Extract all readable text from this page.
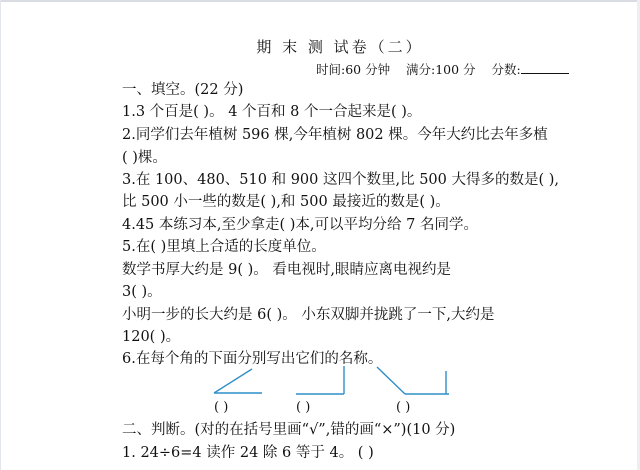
期 末 测 试卷（二）
时间:60 分钟 满分:100 分 分数:
一、填空。(22 分)
1.3 个百是( )。 4 个百和 8 个一合起来是( )。
2.同学们去年植树 596 棵,今年植树 802 棵。今年大约比去年多植
( )棵。
3.在 100、480、510 和 900 这四个数里,比 500 大得多的数是( ),
比 500 小一些的数是( ),和 500 最接近的数是( )。
4.45 本练习本,至少拿走( )本,可以平均分给 7 名同学。
5.在( )里填上合适的长度单位。
数学书厚大约是 9( )。 看电视时,眼睛应离电视约是
3( )。
小明一步的长大约是 6( )。 小东双脚并拢跳了一下,大约是
120( )。
6.在每个角的下面分别写出它们的名称。
( )	( )	( )
二、判断。(对的在括号里画“√”,错的画“×”)(10 分)
1. 24÷6=4 读作 24 除 6 等于 4。 ( )
